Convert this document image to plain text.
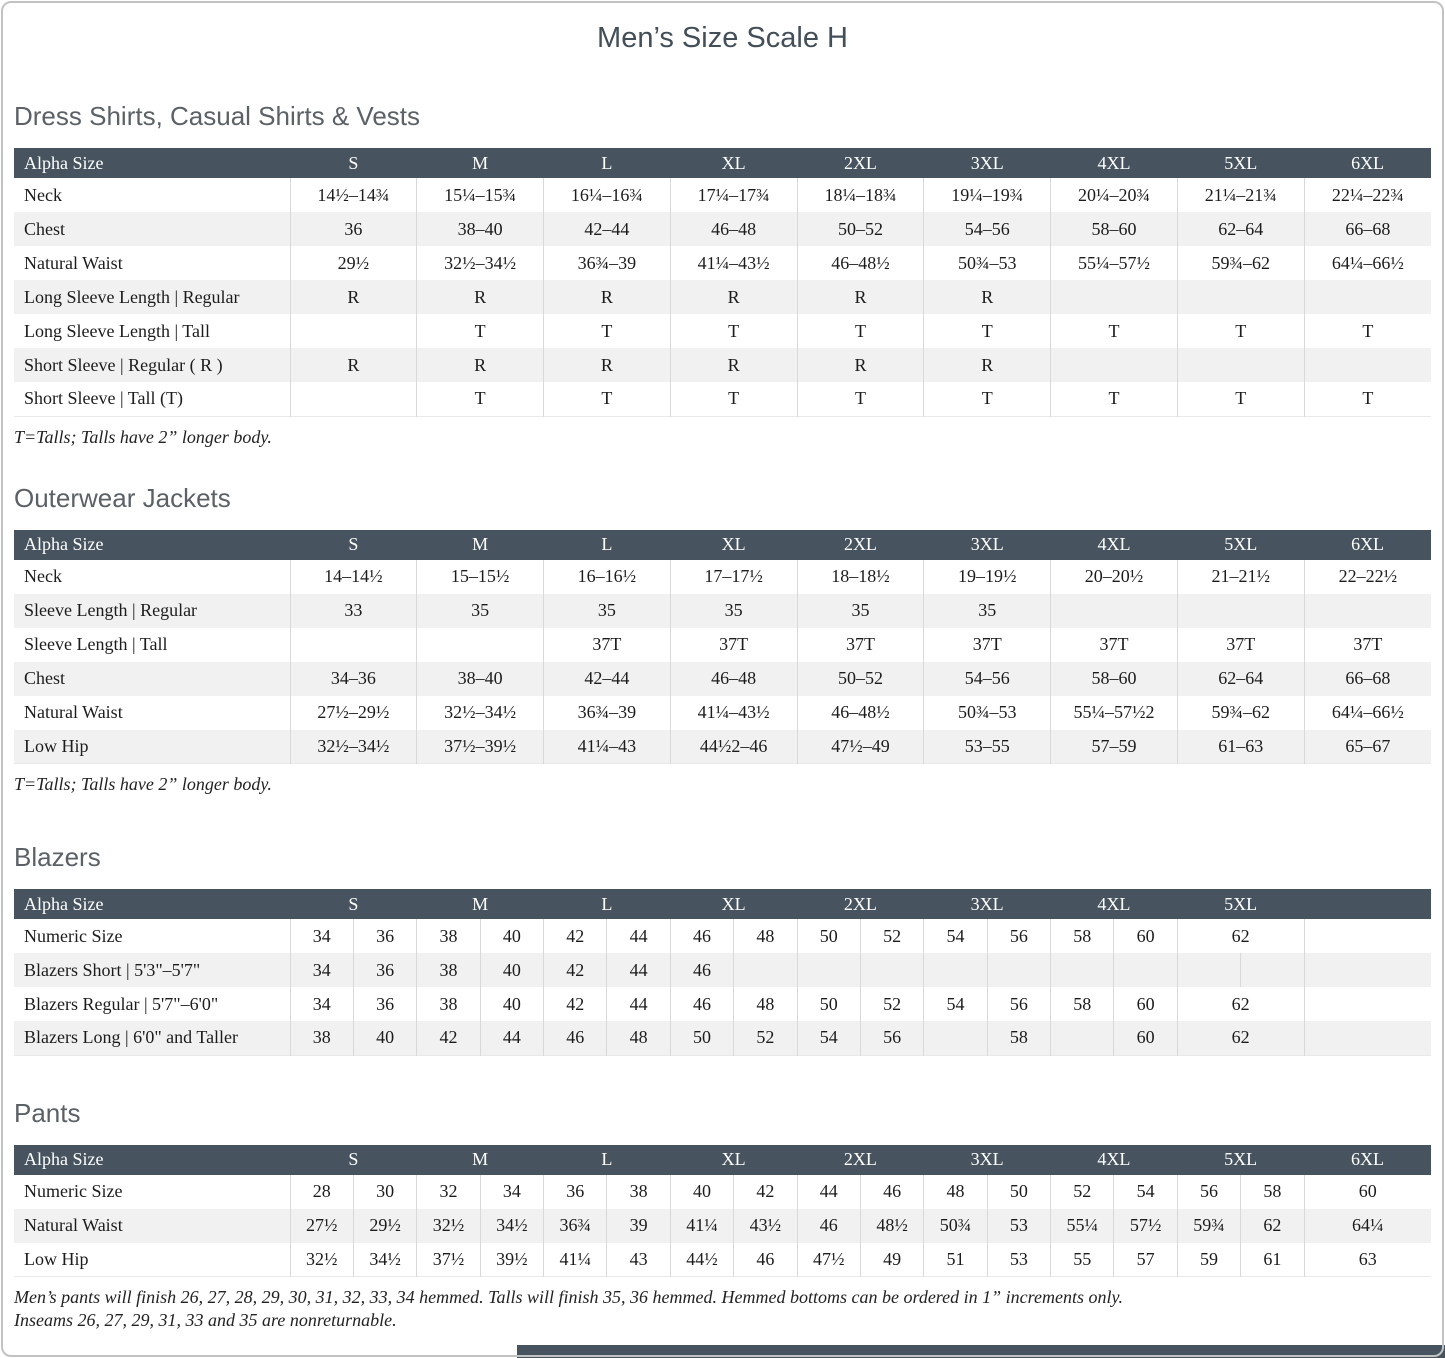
Men’s Size Scale H
Dress Shirts, Casual Shirts & Vests
Alpha Size	S	M	L	XL	2XL	3XL	4XL	5XL	6XL
Neck	14½–14¾	15¼–15¾	16¼–16¾	17¼–17¾	18¼–18¾	19¼–19¾	20¼–20¾	21¼–21¾	22¼–22¾
Chest	36	38–40	42–44	46–48	50–52	54–56	58–60	62–64	66–68
Natural Waist	29½	32½–34½	36¾–39	41¼–43½	46–48½	50¾–53	55¼–57½	59¾–62	64¼–66½
Long Sleeve Length | Regular	R	R	R	R	R	R			
Long Sleeve Length | Tall		T	T	T	T	T	T	T	T
Short Sleeve | Regular ( R )	R	R	R	R	R	R			
Short Sleeve | Tall (T)		T	T	T	T	T	T	T	T

T=Talls; Talls have 2” longer body.

Outerwear Jackets
Alpha Size	S	M	L	XL	2XL	3XL	4XL	5XL	6XL
Neck	14–14½	15–15½	16–16½	17–17½	18–18½	19–19½	20–20½	21–21½	22–22½
Sleeve Length | Regular	33	35	35	35	35	35			
Sleeve Length | Tall			37T	37T	37T	37T	37T	37T	37T
Chest	34–36	38–40	42–44	46–48	50–52	54–56	58–60	62–64	66–68
Natural Waist	27½–29½	32½–34½	36¾–39	41¼–43½	46–48½	50¾–53	55¼–57½2	59¾–62	64¼–66½
Low Hip	32½–34½	37½–39½	41¼–43	44½2–46	47½–49	53–55	57–59	61–63	65–67

T=Talls; Talls have 2” longer body.

Blazers
Alpha Size	S		M		L		XL		2XL		3XL		4XL		5XL		
Numeric Size	34	36	38	40	42	44	46	48	50	52	54	56	58	60	62		
Blazers Short | 5'3"–5'7"	34	36	38	40	42	44	46										
Blazers Regular | 5'7"–6'0"	34	36	38	40	42	44	46	48	50	52	54	56	58	60	62		
Blazers Long | 6'0" and Taller	38	40	42	44	46	48	50	52	54	56		58		60	62		
Pants
Alpha Size	S		M		L		XL		2XL		3XL		4XL		5XL		6XL
Numeric Size	28	30	32	34	36	38	40	42	44	46	48	50	52	54	56	58	60
Natural Waist	27½	29½	32½	34½	36¾	39	41¼	43½	46	48½	50¾	53	55¼	57½	59¾	62	64¼
Low Hip	32½	34½	37½	39½	41¼	43	44½	46	47½	49	51	53	55	57	59	61	63

Men’s pants will finish 26, 27, 28, 29, 30, 31, 32, 33, 34 hemmed. Talls will finish 35, 36 hemmed. Hemmed bottoms can be ordered in 1” increments only.

Inseams 26, 27, 29, 31, 33 and 35 are nonreturnable.
